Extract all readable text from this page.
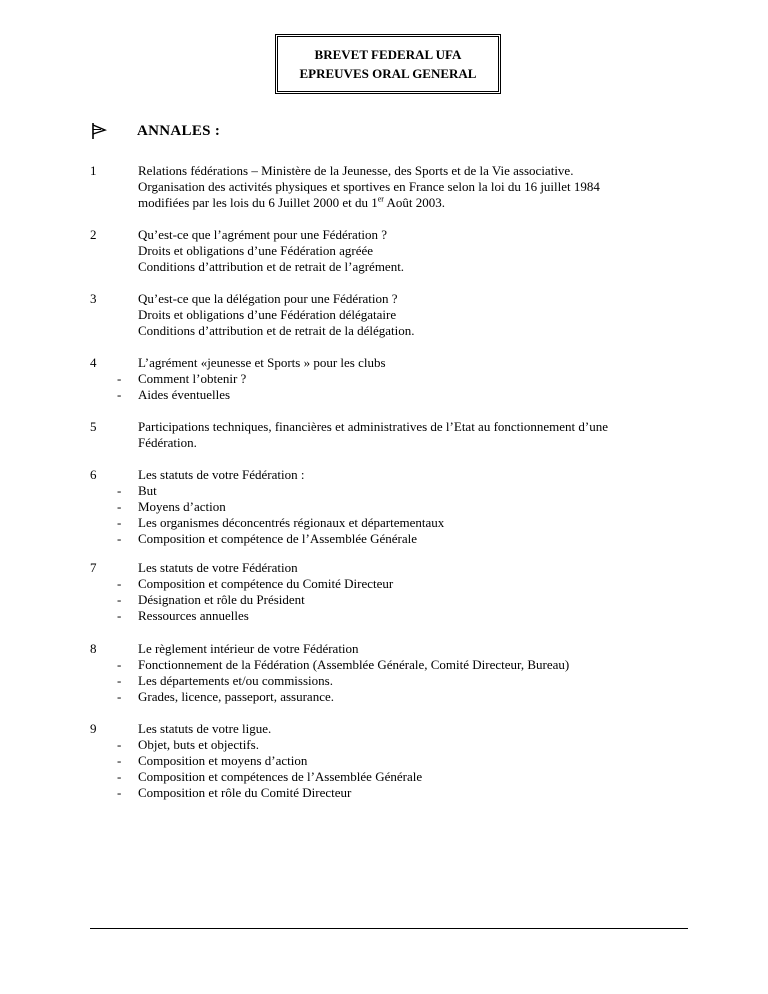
BREVET FEDERAL UFA
EPREUVES ORAL GENERAL
ANNALES :
1	Relations fédérations – Ministère de la Jeunesse, des Sports et de la Vie associative.
Organisation des activités physiques et sportives en France selon la loi du 16 juillet 1984
modifiées par les lois du 6 Juillet 2000 et du 1er Août 2003.
2	Qu’est-ce que l’agrément pour une Fédération ?
Droits et obligations d’une Fédération agréée
Conditions d’attribution et de retrait de l’agrément.
3	Qu’est-ce que la délégation pour une Fédération ?
Droits et obligations d’une Fédération délégataire
Conditions d’attribution et de retrait de la délégation.
4	L’agrément «jeunesse et Sports » pour les clubs
- Comment l’obtenir ?
- Aides éventuelles
5	Participations techniques, financières et administratives de l’Etat au fonctionnement d’une
Fédération.
6	Les statuts de votre Fédération :
- But
- Moyens d’action
- Les organismes déconcentrés régionaux et départementaux
- Composition et compétence de l’Assemblée Générale
7	Les statuts de votre Fédération
- Composition et compétence du Comité Directeur
- Désignation et rôle du Président
- Ressources annuelles
8	Le règlement intérieur de votre Fédération
- Fonctionnement de la Fédération (Assemblée Générale, Comité Directeur, Bureau)
- Les départements et/ou commissions.
- Grades, licence, passeport, assurance.
9	Les statuts de votre ligue.
- Objet, buts et objectifs.
- Composition et moyens d’action
- Composition et compétences de l’Assemblée Générale
- Composition et rôle du Comité Directeur
